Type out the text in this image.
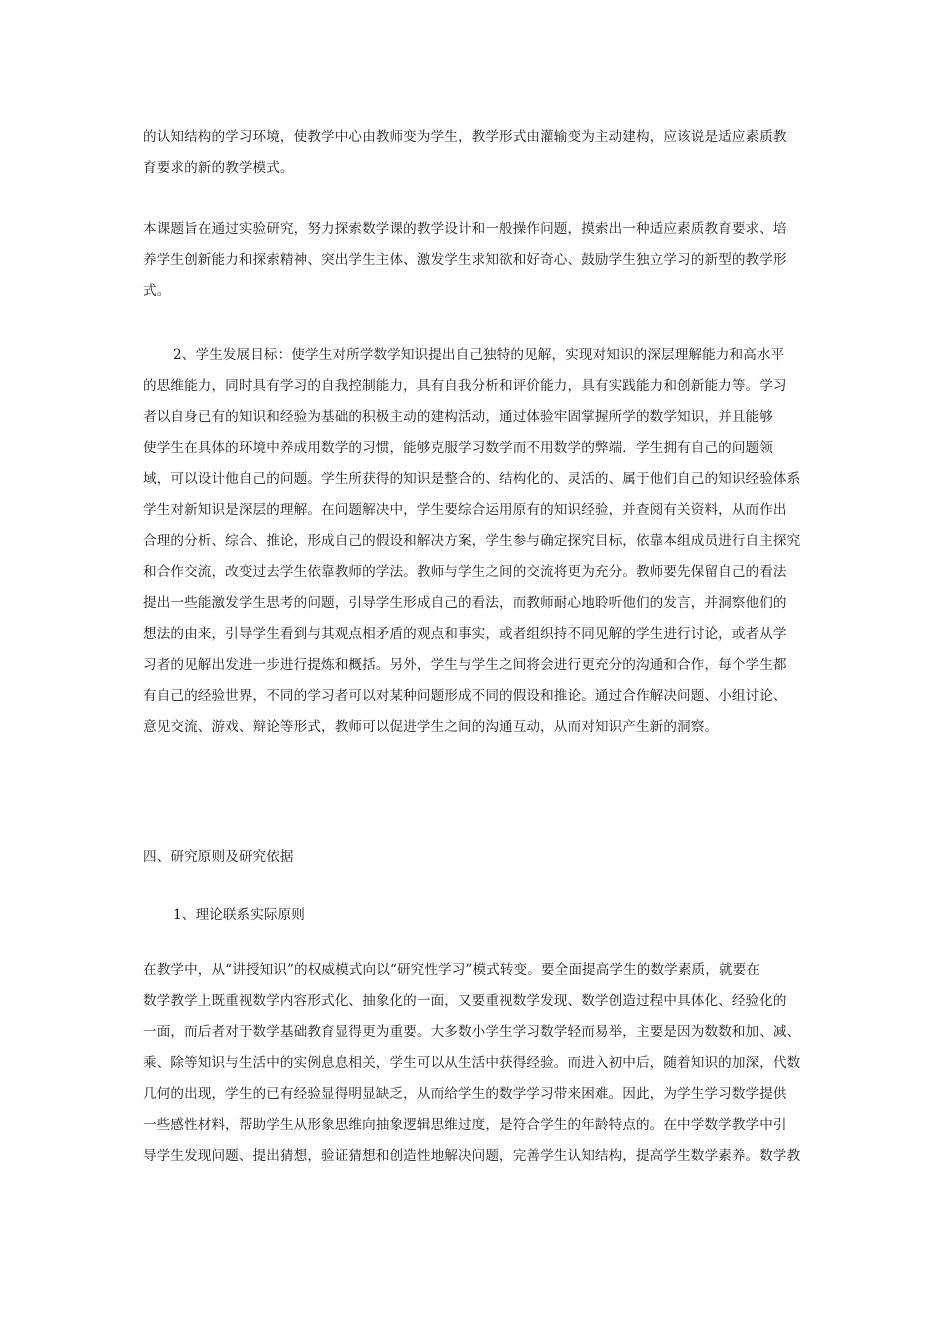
的认知结构的学习环境，使教学中心由教师变为学生，教学形式由灌输变为主动建构，应该说是适应素质教
育要求的新的教学模式。

本课题旨在通过实验研究，努力探索数学课的教学设计和一般操作问题，摸索出一种适应素质教育要求、培
养学生创新能力和探索精神、突出学生主体、激发学生求知欲和好奇心、鼓励学生独立学习的新型的教学形
式。

2、学生发展目标：使学生对所学数学知识提出自己独特的见解，实现对知识的深层理解能力和高水平
的思维能力，同时具有学习的自我控制能力，具有自我分析和评价能力，具有实践能力和创新能力等。学习
者以自身已有的知识和经验为基础的积极主动的建构活动，通过体验牢固掌握所学的数学知识，并且能够
使学生在具体的环境中养成用数学的习惯，能够克服学习数学而不用数学的弊端．学生拥有自己的问题领
域，可以设计他自己的问题。学生所获得的知识是整合的、结构化的、灵活的、属于他们自己的知识经验体系
学生对新知识是深层的理解。在问题解决中，学生要综合运用原有的知识经验，并查阅有关资料，从而作出
合理的分析、综合、推论，形成自己的假设和解决方案，学生参与确定探究目标，依靠本组成员进行自主探究
和合作交流，改变过去学生依靠教师的学法。教师与学生之间的交流将更为充分。教师要先保留自己的看法
提出一些能激发学生思考的问题，引导学生形成自己的看法，而教师耐心地聆听他们的发言，并洞察他们的
想法的由来，引导学生看到与其观点相矛盾的观点和事实，或者组织持不同见解的学生进行讨论，或者从学
习者的见解出发进一步进行提炼和概括。另外，学生与学生之间将会进行更充分的沟通和合作，每个学生都
有自己的经验世界，不同的学习者可以对某种问题形成不同的假设和推论。通过合作解决问题、小组讨论、
意见交流、游戏、辩论等形式，教师可以促进学生之间的沟通互动，从而对知识产生新的洞察。

四、研究原则及研究依据

1、理论联系实际原则

在教学中，从“讲授知识”的权威模式向以“研究性学习”模式转变。要全面提高学生的数学素质，就要在
数学教学上既重视数学内容形式化、抽象化的一面，又要重视数学发现、数学创造过程中具体化、经验化的
一面，而后者对于数学基础教育显得更为重要。大多数小学生学习数学轻而易举，主要是因为数数和加、减、
乘、除等知识与生活中的实例息息相关，学生可以从生活中获得经验。而进入初中后，随着知识的加深，代数
几何的出现，学生的已有经验显得明显缺乏，从而给学生的数学学习带来困难。因此，为学生学习数学提供
一些感性材料，帮助学生从形象思维向抽象逻辑思维过度，是符合学生的年龄特点的。在中学数学教学中引
导学生发现问题、提出猜想，验证猜想和创造性地解决问题，完善学生认知结构，提高学生数学素养。数学教
